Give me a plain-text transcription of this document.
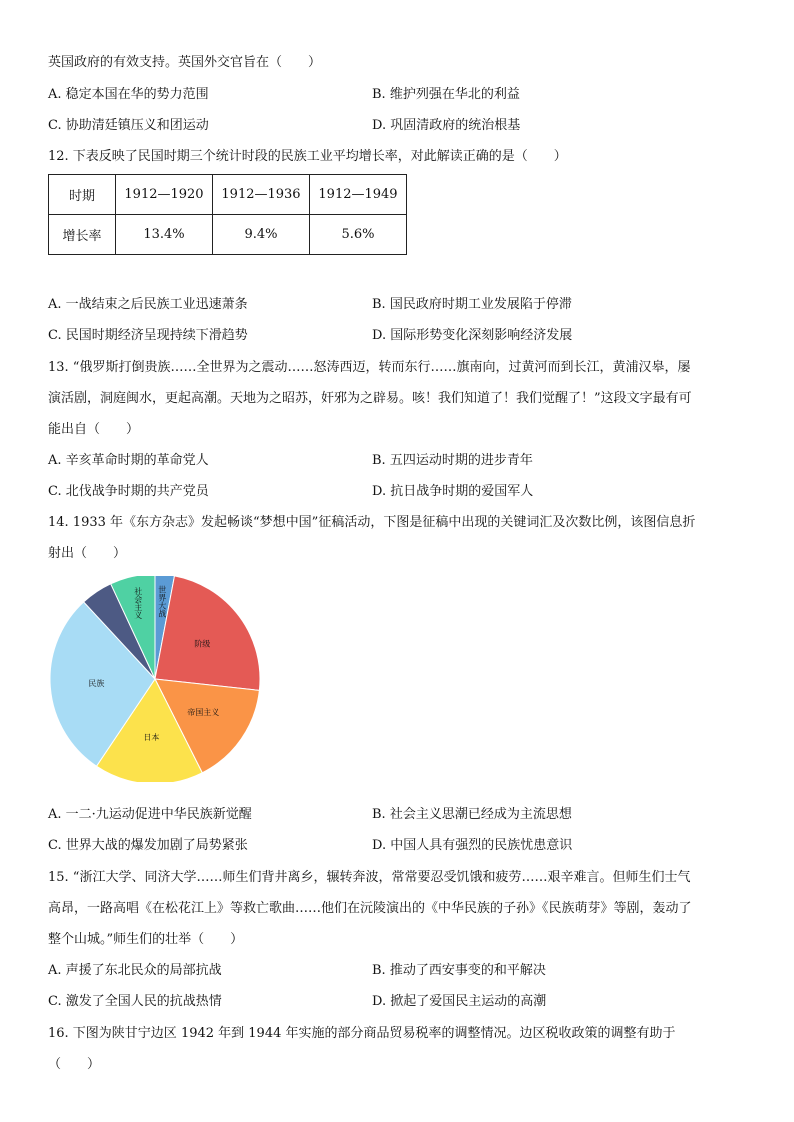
英国政府的有效支持。英国外交官旨在（　　）
A. 稳定本国在华的势力范围	B. 维护列强在华北的利益
C. 协助清廷镇压义和团运动	D. 巩固清政府的统治根基
12. 下表反映了民国时期三个统计时段的民族工业平均增长率，对此解读正确的是（　　）
时期	1912—1920	1912—1936	1912—1949
增长率	13.4%	9.4%	5.6%
A. 一战结束之后民族工业迅速萧条	B. 国民政府时期工业发展陷于停滞
C. 民国时期经济呈现持续下滑趋势	D. 国际形势变化深刻影响经济发展
13. “俄罗斯打倒贵族……全世界为之震动……怒涛西迈，转而东行……旗南向，过黄河而到长江，黄浦汉皋，屡
演活剧，洞庭闽水，更起高潮。天地为之昭苏，奸邪为之辟易。咳！我们知道了！我们觉醒了！”这段文字最有可
能出自（　　）
A. 辛亥革命时期的革命党人	B. 五四运动时期的进步青年
C. 北伐战争时期的共产党员	D. 抗日战争时期的爱国军人
14. 1933 年《东方杂志》发起畅谈“梦想中国”征稿活动，下图是征稿中出现的关键词汇及次数比例，该图信息折
射出（　　）
世界大战
阶级
帝国主义
日本
民族
社会主义
A. 一二·九运动促进中华民族新觉醒	B. 社会主义思潮已经成为主流思想
C. 世界大战的爆发加剧了局势紧张	D. 中国人具有强烈的民族忧患意识
15. “浙江大学、同济大学……师生们背井离乡，辗转奔波，常常要忍受饥饿和疲劳……艰辛难言。但师生们士气
高昂，一路高唱《在松花江上》等救亡歌曲……他们在沅陵演出的《中华民族的子孙》《民族萌芽》等剧，轰动了
整个山城。”师生们的壮举（　　）
A. 声援了东北民众的局部抗战	B. 推动了西安事变的和平解决
C. 激发了全国人民的抗战热情	D. 掀起了爱国民主运动的高潮
16. 下图为陕甘宁边区 1942 年到 1944 年实施的部分商品贸易税率的调整情况。边区税收政策的调整有助于
（　　）
